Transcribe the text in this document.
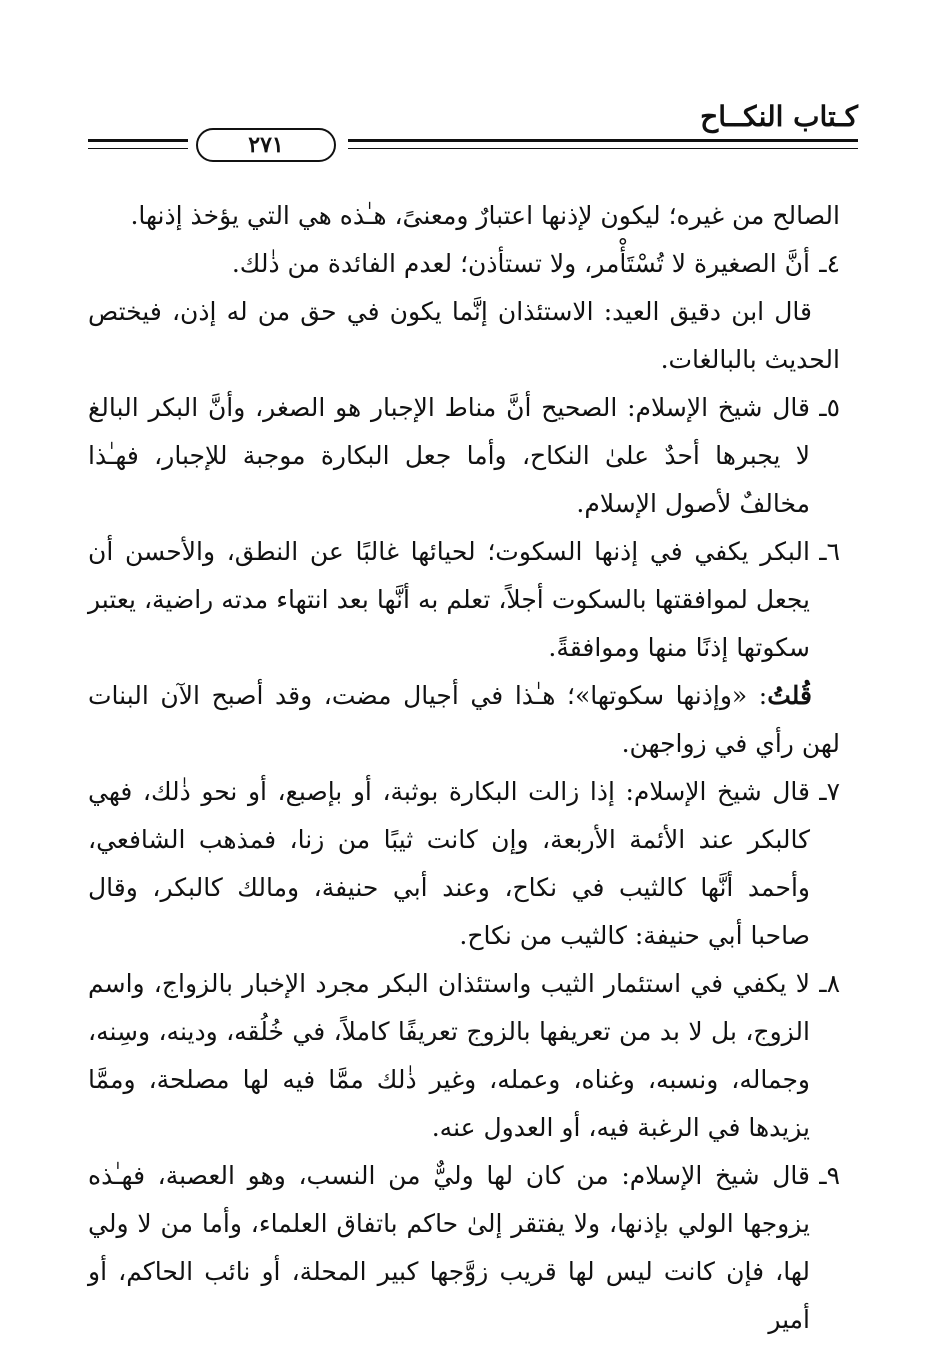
كـتاب النكــاح
٢٧١

الصالح من غيره؛ ليكون لإذنها اعتبارٌ ومعنىً، هـٰذه هي التي يؤخذ إذنها.

٤ـ
أنَّ الصغيرة لا تُسْتَأْمر، ولا تستأذن؛ لعدم الفائدة من ذٰلك.

قال ابن دقيق العيد: الاستئذان إنَّما يكون في حق من له إذن، فيختص الحديث بالبالغات.

٥ـ
قال شيخ الإسلام: الصحيح أنَّ مناط الإجبار هو الصغر، وأنَّ البكر البالغ لا يجبرها أحدٌ علىٰ النكاح، وأما جعل البكارة موجبة للإجبار، فهـٰذا مخالفٌ لأصول الإسلام.

٦ـ
البكر يكفي في إذنها السكوت؛ لحيائها غالبًا عن النطق، والأحسن أن يجعل لموافقتها بالسكوت أجلاً، تعلم به أنَّها بعد انتهاء مدته راضية، يعتبر سكوتها إذنًا منها وموافقةً.

قُلتُ: «وإذنها سكوتها»؛ هـٰذا في أجيال مضت، وقد أصبح الآن البنات لهن رأي في زواجهن.

٧ـ
قال شيخ الإسلام: إذا زالت البكارة بوثبة، أو بإصبع، أو نحو ذٰلك، فهي كالبكر عند الأئمة الأربعة، وإن كانت ثيبًا من زنا، فمذهب الشافعي، وأحمد أنَّها كالثيب في نكاح، وعند أبي حنيفة، ومالك كالبكر، وقال صاحبا أبي حنيفة: كالثيب من نكاح.

٨ـ
لا يكفي في استئمار الثيب واستئذان البكر مجرد الإخبار بالزواج، واسم الزوج، بل لا بد من تعريفها بالزوج تعريفًا كاملاً، في خُلُقه، ودينه، وسِنه، وجماله، ونسبه، وغناه، وعمله، وغير ذٰلك ممَّا فيه لها مصلحة، وممَّا يزيدها في الرغبة فيه، أو العدول عنه.

٩ـ
قال شيخ الإسلام: من كان لها وليٌّ من النسب، وهو العصبة، فهـٰذه يزوجها الولي بإذنها، ولا يفتقر إلىٰ حاكم باتفاق العلماء، وأما من لا ولي لها، فإن كانت ليس لها قريب زوَّجها كبير المحلة، أو نائب الحاكم، أو أمير
